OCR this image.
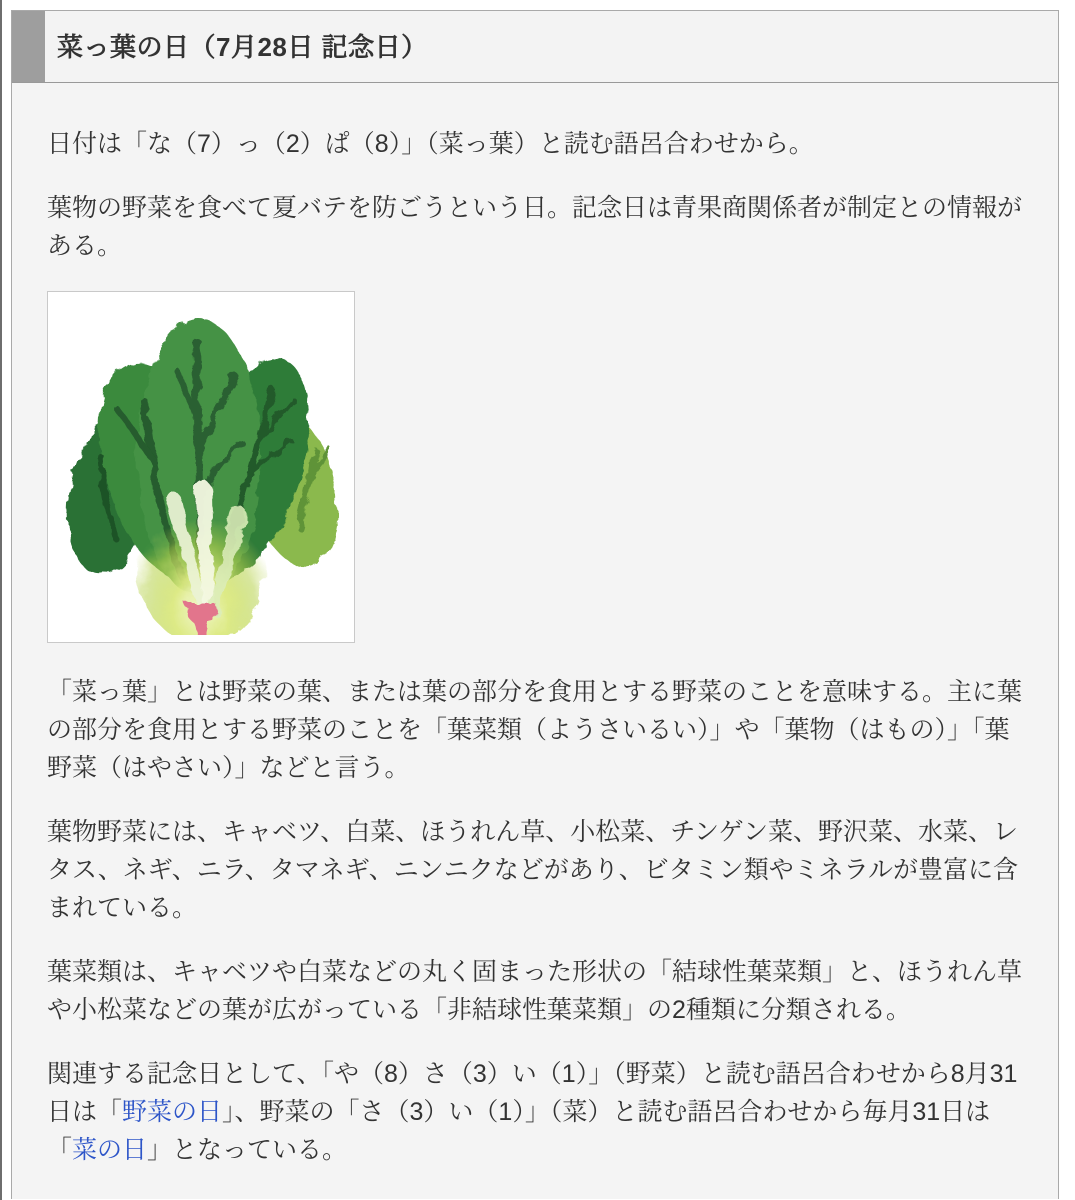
菜っ葉の日（7月28日 記念日）

日付は「な（7）っ（2）ぱ（8）」（菜っ葉）と読む語呂合わせから。

葉物の野菜を食べて夏バテを防ごうという日。記念日は青果商関係者が制定との情報がある。

「菜っ葉」とは野菜の葉、または葉の部分を食用とする野菜のことを意味する。主に葉の部分を食用とする野菜のことを「葉菜類（ようさいるい）」や「葉物（はもの）」「葉野菜（はやさい）」などと言う。

葉物野菜には、キャベツ、白菜、ほうれん草、小松菜、チンゲン菜、野沢菜、水菜、レタス、ネギ、ニラ、タマネギ、ニンニクなどがあり、ビタミン類やミネラルが豊富に含まれている。

葉菜類は、キャベツや白菜などの丸く固まった形状の「結球性葉菜類」と、ほうれん草や小松菜などの葉が広がっている「非結球性葉菜類」の2種類に分類される。

関連する記念日として、「や（8）さ（3）い（1）」（野菜）と読む語呂合わせから8月31日は「野菜の日」、野菜の「さ（3）い（1）」（菜）と読む語呂合わせから毎月31日は「菜の日」となっている。
